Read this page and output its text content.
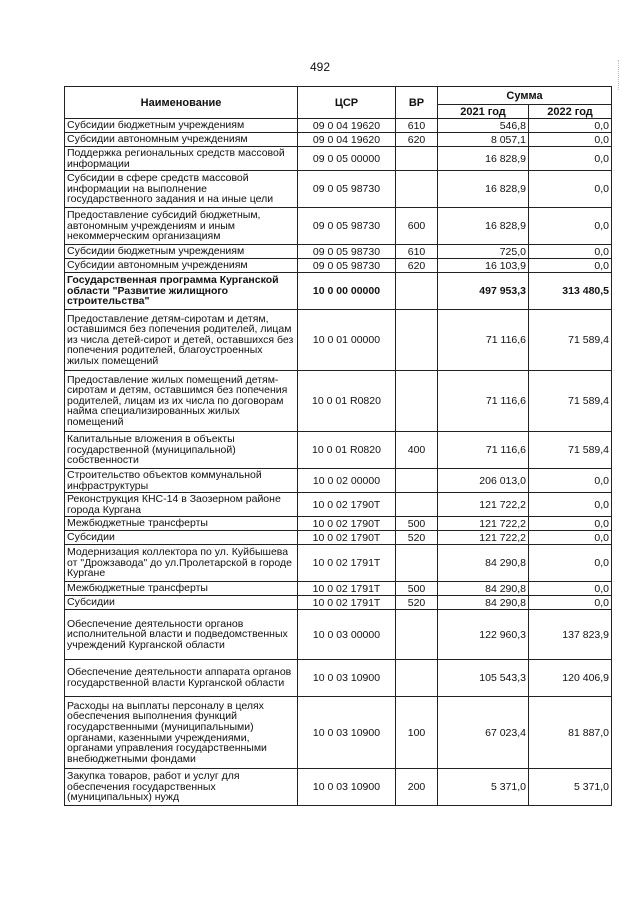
492
Наименование	ЦСР	ВР	Сумма	
			2021 год	2022 год
Субсидии бюджетным учреждениям	09 0 04 19620	610	546,8	0,0
Субсидии автономным учреждениям	09 0 04 19620	620	8 057,1	0,0
Поддержка региональных средств массовой информации	09 0 05 00000		16 828,9	0,0
Субсидии в сфере средств массовой информации на выполнение государственного задания и на иные цели	09 0 05 98730		16 828,9	0,0
Предоставление субсидий бюджетным, автономным учреждениям и иным некоммерческим организациям	09 0 05 98730	600	16 828,9	0,0
Субсидии бюджетным учреждениям	09 0 05 98730	610	725,0	0,0
Субсидии автономным учреждениям	09 0 05 98730	620	16 103,9	0,0
Государственная программа Курганской области "Развитие жилищного строительства"	10 0 00 00000		497 953,3	313 480,5
Предоставление детям-сиротам и детям, оставшимся без попечения родителей, лицам из числа детей-сирот и детей, оставшихся без попечения родителей, благоустроенных жилых помещений	10 0 01 00000		71 116,6	71 589,4
Предоставление жилых помещений детям-сиротам и детям, оставшимся без попечения родителей, лицам из их числа по договорам найма специализированных жилых помещений	10 0 01 R0820		71 116,6	71 589,4
Капитальные вложения в объекты государственной (муниципальной) собственности	10 0 01 R0820	400	71 116,6	71 589,4
Строительство объектов коммунальной инфраструктуры	10 0 02 00000		206 013,0	0,0
Реконструкция КНС-14 в Заозерном районе города Кургана	10 0 02 1790Т		121 722,2	0,0
Межбюджетные трансферты	10 0 02 1790Т	500	121 722,2	0,0
Субсидии	10 0 02 1790Т	520	121 722,2	0,0
Модернизация коллектора по ул. Куйбышева от "Дрожзавода" до ул.Пролетарской в городе Кургане	10 0 02 1791Т		84 290,8	0,0
Межбюджетные трансферты	10 0 02 1791Т	500	84 290,8	0,0
Субсидии	10 0 02 1791Т	520	84 290,8	0,0
Обеспечение деятельности органов исполнительной власти и подведомственных учреждений Курганской области	10 0 03 00000		122 960,3	137 823,9
Обеспечение деятельности аппарата органов государственной власти Курганской области	10 0 03 10900		105 543,3	120 406,9
Расходы на выплаты персоналу в целях обеспечения выполнения функций государственными (муниципальными) органами, казенными учреждениями, органами управления государственными внебюджетными фондами	10 0 03 10900	100	67 023,4	81 887,0
Закупка товаров, работ и услуг для обеспечения государственных (муниципальных) нужд	10 0 03 10900	200	5 371,0	5 371,0
